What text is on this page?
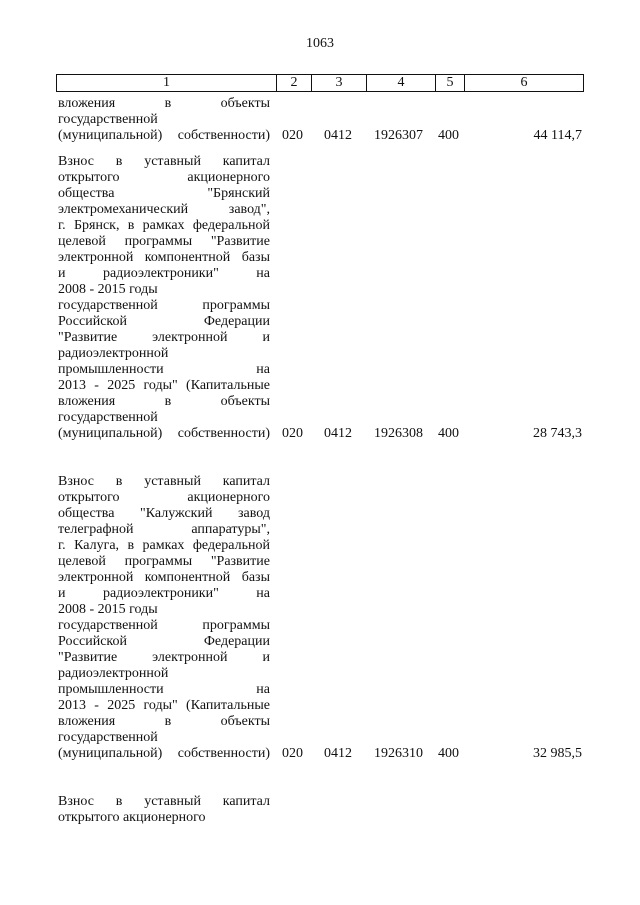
1063
1	2	3	4	5	6
вложения в объекты
государственной
(муниципальной) собственности) 020 0412 1926307 400	44 114,7
Взнос в уставный капитал
открытого акционерного
общества "Брянский
электромеханический завод",
г. Брянск, в рамках федеральной
целевой программы "Развитие
электронной компонентной базы
и радиоэлектроники" на
2008 - 2015 годы
государственной программы
Российской Федерации
"Развитие электронной и
радиоэлектронной
промышленности на
2013 - 2025 годы" (Капитальные
вложения в объекты
государственной
(муниципальной) собственности) 020 0412 1926308 400	28 743,3
Взнос в уставный капитал
открытого акционерного
общества "Калужский завод
телеграфной аппаратуры",
г. Калуга, в рамках федеральной
целевой программы "Развитие
электронной компонентной базы
и радиоэлектроники" на
2008 - 2015 годы
государственной программы
Российской Федерации
"Развитие электронной и
радиоэлектронной
промышленности на
2013 - 2025 годы" (Капитальные
вложения в объекты
государственной
(муниципальной) собственности) 020 0412 1926310 400	32 985,5
Взнос в уставный капитал
открытого акционерного
